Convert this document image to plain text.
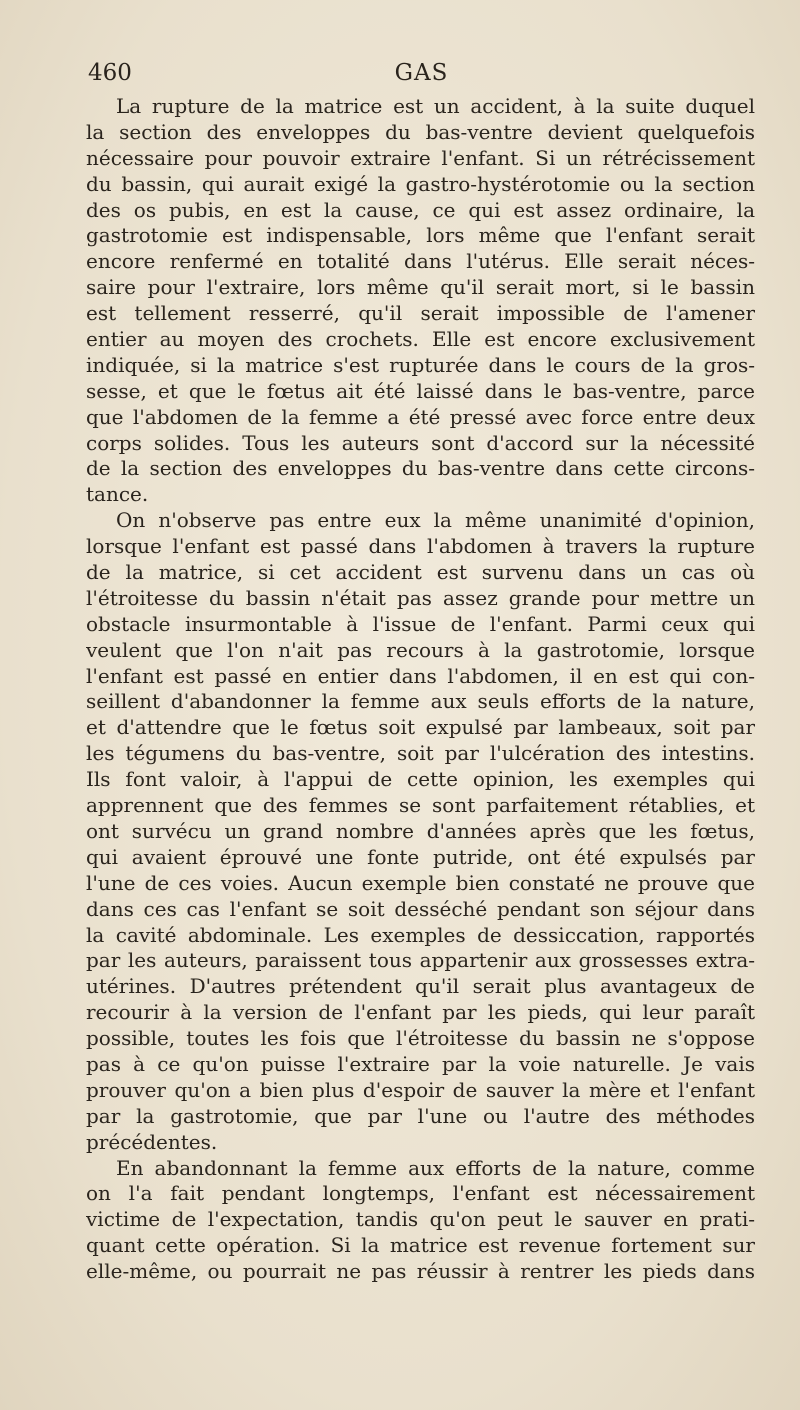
460	GAS
La rupture de la matrice est un accident, à la suite duquel
la section des enveloppes du bas-ventre devient quelquefois
nécessaire pour pouvoir extraire l'enfant. Si un rétrécissement
du bassin, qui aurait exigé la gastro-hystérotomie ou la section
des os pubis, en est la cause, ce qui est assez ordinaire, la
gastrotomie est indispensable, lors même que l'enfant serait
encore renfermé en totalité dans l'utérus. Elle serait néces-
saire pour l'extraire, lors même qu'il serait mort, si le bassin
est tellement resserré, qu'il serait impossible de l'amener
entier au moyen des crochets. Elle est encore exclusivement
indiquée, si la matrice s'est rupturée dans le cours de la gros-
sesse, et que le fœtus ait été laissé dans le bas-ventre, parce
que l'abdomen de la femme a été pressé avec force entre deux
corps solides. Tous les auteurs sont d'accord sur la nécessité
de la section des enveloppes du bas-ventre dans cette circons-
tance.
On n'observe pas entre eux la même unanimité d'opinion,
lorsque l'enfant est passé dans l'abdomen à travers la rupture
de la matrice, si cet accident est survenu dans un cas où
l'étroitesse du bassin n'était pas assez grande pour mettre un
obstacle insurmontable à l'issue de l'enfant. Parmi ceux qui
veulent que l'on n'ait pas recours à la gastrotomie, lorsque
l'enfant est passé en entier dans l'abdomen, il en est qui con-
seillent d'abandonner la femme aux seuls efforts de la nature,
et d'attendre que le fœtus soit expulsé par lambeaux, soit par
les tégumens du bas-ventre, soit par l'ulcération des intestins.
Ils font valoir, à l'appui de cette opinion, les exemples qui
apprennent que des femmes se sont parfaitement rétablies, et
ont survécu un grand nombre d'années après que les fœtus,
qui avaient éprouvé une fonte putride, ont été expulsés par
l'une de ces voies. Aucun exemple bien constaté ne prouve que
dans ces cas l'enfant se soit desséché pendant son séjour dans
la cavité abdominale. Les exemples de dessiccation, rapportés
par les auteurs, paraissent tous appartenir aux grossesses extra-
utérines. D'autres prétendent qu'il serait plus avantageux de
recourir à la version de l'enfant par les pieds, qui leur paraît
possible, toutes les fois que l'étroitesse du bassin ne s'oppose
pas à ce qu'on puisse l'extraire par la voie naturelle. Je vais
prouver qu'on a bien plus d'espoir de sauver la mère et l'enfant
par la gastrotomie, que par l'une ou l'autre des méthodes
précédentes.
En abandonnant la femme aux efforts de la nature, comme
on l'a fait pendant longtemps, l'enfant est nécessairement
victime de l'expectation, tandis qu'on peut le sauver en prati-
quant cette opération. Si la matrice est revenue fortement sur
elle-même, ou pourrait ne pas réussir à rentrer les pieds dans
